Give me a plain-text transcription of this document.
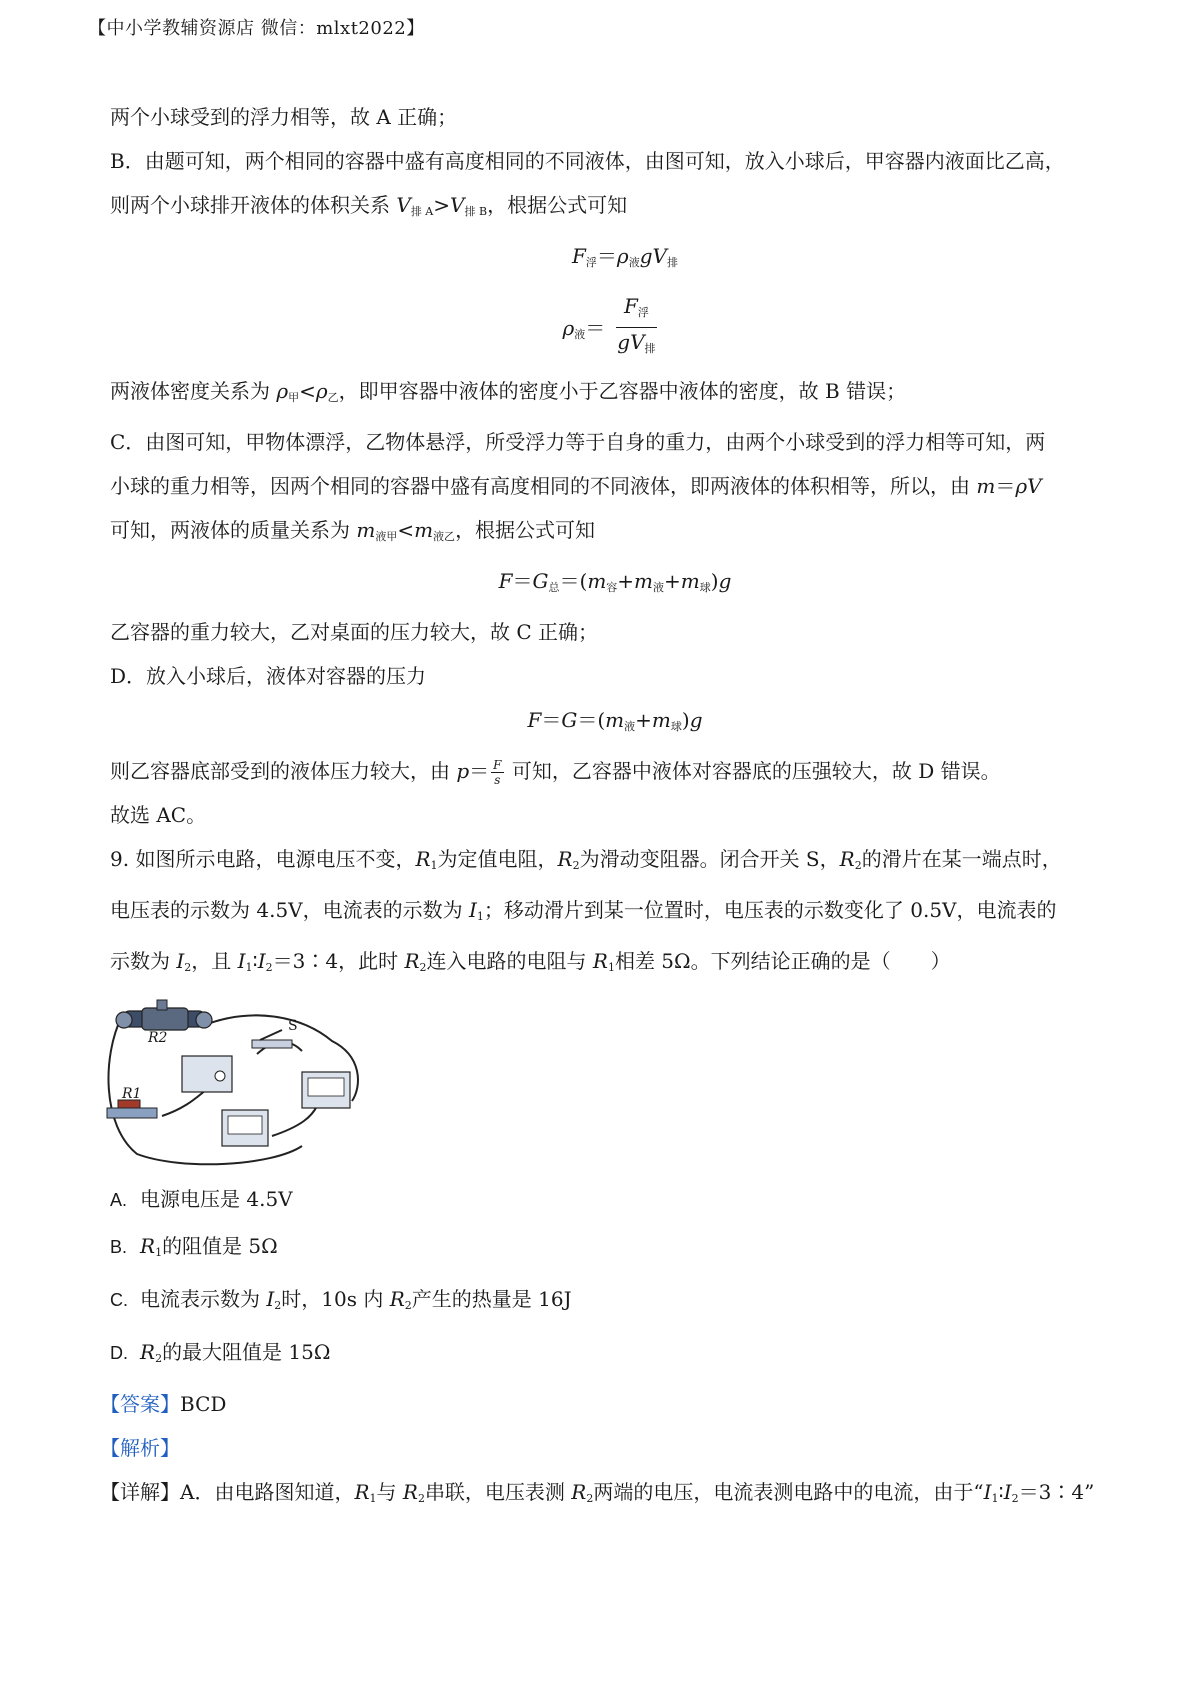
【中小学教辅资源店 微信：mlxt2022】

两个小球受到的浮力相等，故 A 正确；

B．由题可知，两个相同的容器中盛有高度相同的不同液体，由图可知，放入小球后，甲容器内液面比乙高，

则两个小球排开液体的体积关系 $V_{排 A}>V_{排 B}$，根据公式可知

$F_浮=\rho_液gV_排$

$\rho_液= \frac{F_浮}{gV_排}$

两液体密度关系为 $\rho_甲<\rho_乙$，即甲容器中液体的密度小于乙容器中液体的密度，故 B 错误；

C．由图可知，甲物体漂浮，乙物体悬浮，所受浮力等于自身的重力，由两个小球受到的浮力相等可知，两

小球的重力相等，因两个相同的容器中盛有高度相同的不同液体，即两液体的体积相等，所以，由 m＝ρV

可知，两液体的质量关系为 $m_{液甲}<m_{液乙}$，根据公式可知

$F=G_总=(m_容+m_液+m_球)g$

乙容器的重力较大，乙对桌面的压力较大，故 C 正确；

D．放入小球后，液体对容器的压力

$F=G=(m_液+m_球)g$

则乙容器底部受到的液体压力较大，由 $p= \frac{F}{s}$ 可知，乙容器中液体对容器底的压强较大，故 D 错误。

故选 AC。

9. 如图所示电路，电源电压不变，$R_1$为定值电阻，$R_2$为滑动变阻器。闭合开关 S，$R_2$的滑片在某一端点时，

电压表的示数为 4.5V，电流表的示数为 $I_1$；移动滑片到某一位置时，电压表的示数变化了 0.5V，电流表的

示数为 $I_2$，且 $I_1∶I_2=3∶4$，此时 $R_2$连入电路的电阻与 $R_1$相差 5Ω。下列结论正确的是（　　）

R2
R1
S

A. 电源电压是 4.5V

B. $R_1$的阻值是 5Ω

C. 电流表示数为 $I_2$时，10s 内 $R_2$产生的热量是 16J

D. $R_2$的最大阻值是 15Ω

【答案】BCD

【解析】

【详解】A．由电路图知道，$R_1$与 $R_2$串联，电压表测 $R_2$两端的电压，电流表测电路中的电流，由于“$I_1∶I_2=3∶4$”
